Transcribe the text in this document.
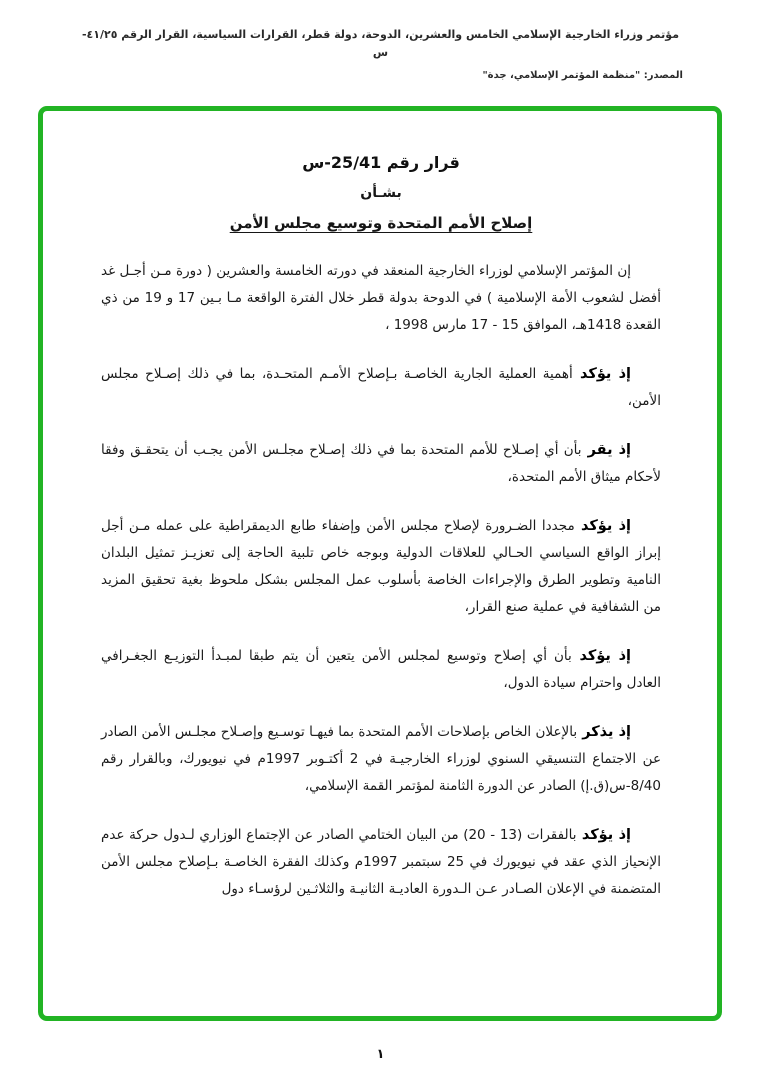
مؤتمر وزراء الخارجية الإسلامي الخامس والعشرين، الدوحة، دولة قطر، القرارات السياسية، القرار الرقم ٤١/٢٥-س
المصدر: "منظمة المؤتمر الإسلامي، جدة"
قرار رقم 25/41-س
بشـأن
إصلاح الأمم المتحدة وتوسيع مجلس الأمن

إن المؤتمر الإسلامي لوزراء الخارجية المنعقد في دورته الخامسة والعشرين ( دورة مـن أجـل غد أفضل لشعوب الأمة الإسلامية ) في الدوحة بدولة قطر خلال الفترة الواقعة مـا بـين 17 و 19 من ذي القعدة 1418هـ، الموافق 15 - 17 مارس 1998 ،

إذ يؤكد أهمية العملية الجارية الخاصـة بـإصلاح الأمـم المتحـدة، بما في ذلك إصـلاح مجلس الأمن،

إذ يقر بأن أي إصـلاح للأمم المتحدة بما في ذلك إصـلاح مجلـس الأمن يجـب أن يتحقـق وفقا لأحكام ميثاق الأمم المتحدة،

إذ يؤكد مجددا الضـرورة لإصلاح مجلس الأمن وإضفاء طابع الديمقراطية على عمله مـن أجل إبراز الواقع السياسي الحـالي للعلاقات الدولية وبوجه خاص تلبية الحاجة إلى تعزيـز تمثيل البلدان النامية وتطوير الطرق والإجراءات الخاصة بأسلوب عمل المجلس بشكل ملحوظ بغية تحقيق المزيد من الشفافية في عملية صنع القرار،

إذ يؤكد بأن أي إصلاح وتوسيع لمجلس الأمن يتعين أن يتم طبقا لمبـدأ التوزيـع الجغـرافي العادل واحترام سيادة الدول،

إذ يذكر بالإعلان الخاص بإصلاحات الأمم المتحدة بما فيهـا توسـيع وإصـلاح مجلـس الأمن الصادر عن الاجتماع التنسيقي السنوي لوزراء الخارجيـة في 2 أكتـوبر 1997م في نيويورك، وبالقرار رقم 8/40-س(ق.إ) الصادر عن الدورة الثامنة لمؤتمر القمة الإسلامي،

إذ يؤكد بالفقرات (13 - 20) من البيان الختامي الصادر عن الإجتماع الوزاري لـدول حركة عدم الإنحياز الذي عقد في نيويورك في 25 سبتمبر 1997م وكذلك الفقرة الخاصـة بـإصلاح مجلس الأمن المتضمنة في الإعلان الصـادر عـن الـدورة العاديـة الثانيـة والثلاثـين لرؤسـاء دول

١
